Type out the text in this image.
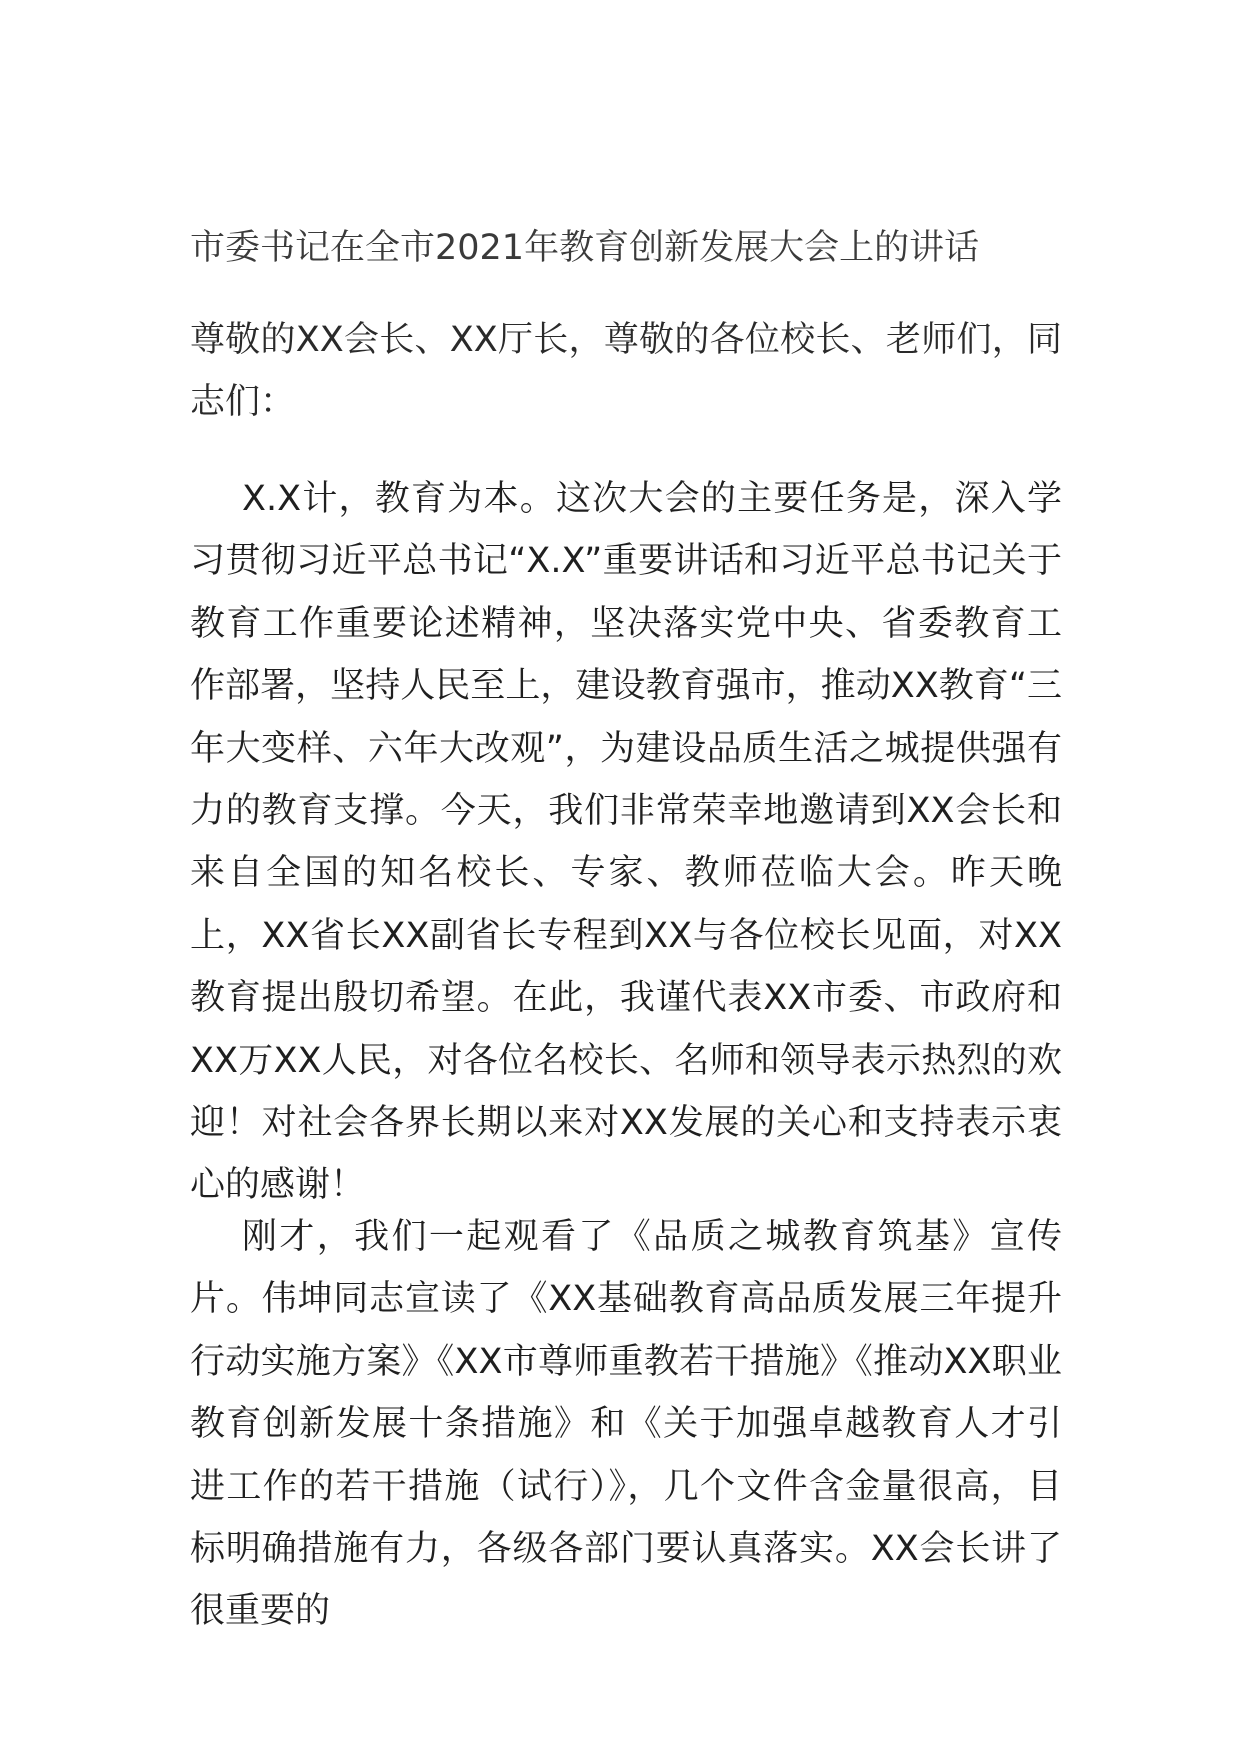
市委书记在全市2021年教育创新发展大会上的讲话
尊敬的XX会长、XX厅长，尊敬的各位校长、老师们，同志们：
X.X计，教育为本。这次大会的主要任务是，深入学习贯彻习近平总书记“X.X”重要讲话和习近平总书记关于教育工作重要论述精神，坚决落实党中央、省委教育工作部署，坚持人民至上，建设教育强市，推动XX教育“三年大变样、六年大改观”，为建设品质生活之城提供强有力的教育支撑。今天，我们非常荣幸地邀请到XX会长和来自全国的知名校长、专家、教师莅临大会。昨天晚上，XX省长XX副省长专程到XX与各位校长见面，对XX教育提出殷切希望。在此，我谨代表XX市委、市政府和XX万XX人民，对各位名校长、名师和领导表示热烈的欢迎！对社会各界长期以来对XX发展的关心和支持表示衷心的感谢！
刚才，我们一起观看了《品质之城教育筑基》宣传片。伟坤同志宣读了《XX基础教育高品质发展三年提升行动实施方案》《XX市尊师重教若干措施》《推动XX职业教育创新发展十条措施》和《关于加强卓越教育人才引进工作的若干措施（试行）》，几个文件含金量很高，目标明确措施有力，各级各部门要认真落实。XX会长讲了很重要的
